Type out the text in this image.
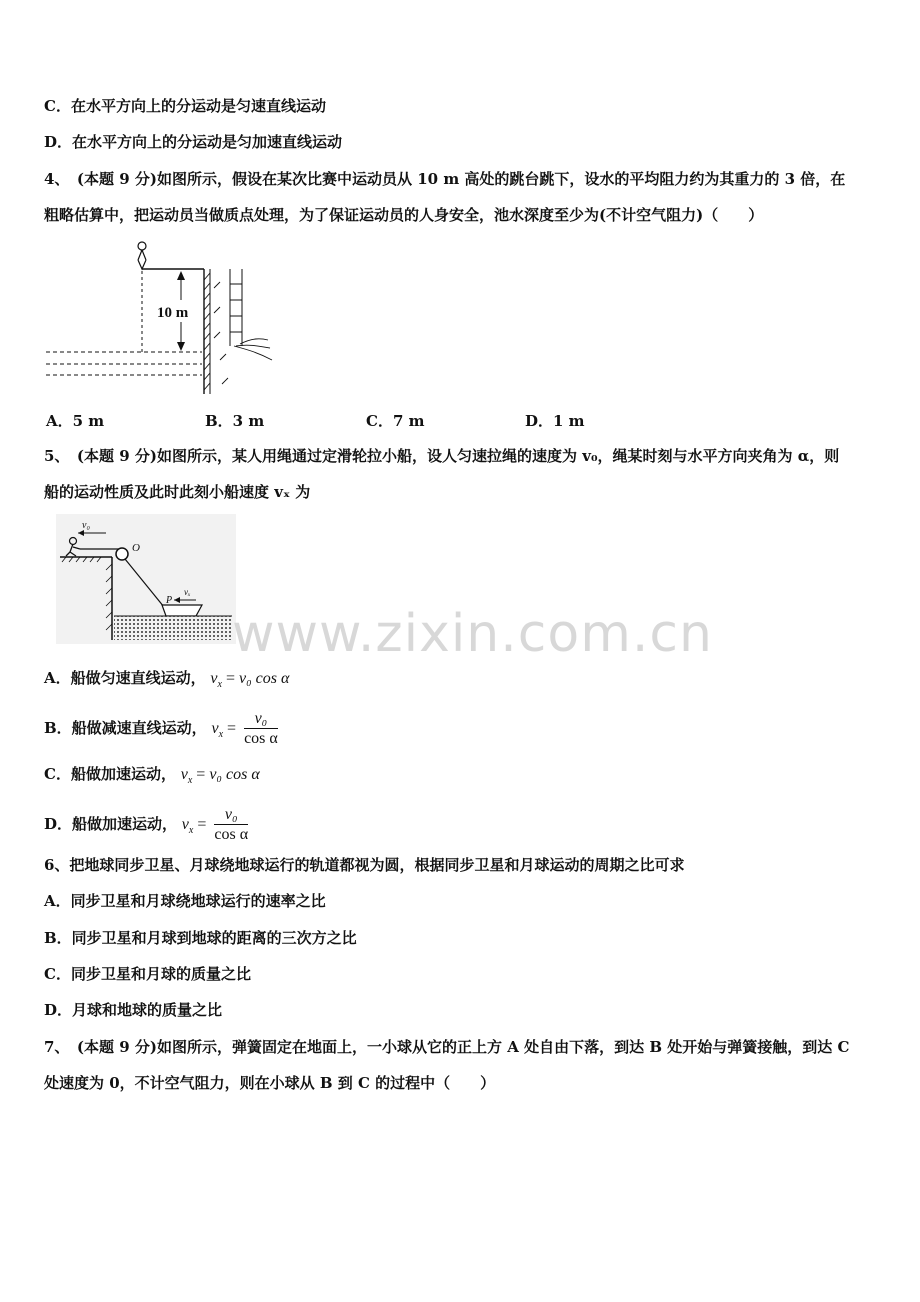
C．在水平方向上的分运动是匀速直线运动
D．在水平方向上的分运动是匀加速直线运动
4、　(本题 9 分)如图所示，假设在某次比赛中运动员从 10 m 高处的跳台跳下，设水的平均阻力约为其重力的 3 倍，在
粗略估算中，把运动员当做质点处理，为了保证运动员的人身安全，池水深度至少为(不计空气阻力)（　　）
10 m
A．5 m	B．3 m	C．7 m	D．1 m
5、　(本题 9 分)如图所示，某人用绳通过定滑轮拉小船，设人匀速拉绳的速度为 v₀，绳某时刻与水平方向夹角为 α，则
船的运动性质及此时此刻小船速度 vₓ 为
v₀
O
P
vₓ
www.zixin.com.cn
A．船做匀速直线运动， $v_x = v_0$ cos α
B．船做减速直线运动， $v_x = \frac{\text{v₀}}{\text{cos α}}$
C．船做加速运动， $v_x = v_0$ cos α
D．船做加速运动， $v_x = \frac{\text{v₀}}{\text{cos α}}$
6、把地球同步卫星、月球绕地球运行的轨道都视为圆，根据同步卫星和月球运动的周期之比可求
A．同步卫星和月球绕地球运行的速率之比
B．同步卫星和月球到地球的距离的三次方之比
C．同步卫星和月球的质量之比
D．月球和地球的质量之比
7、　(本题 9 分)如图所示，弹簧固定在地面上，一小球从它的正上方 A 处自由下落，到达 B 处开始与弹簧接触，到达 C
处速度为 0，不计空气阻力，则在小球从 B 到 C 的过程中（　　）
